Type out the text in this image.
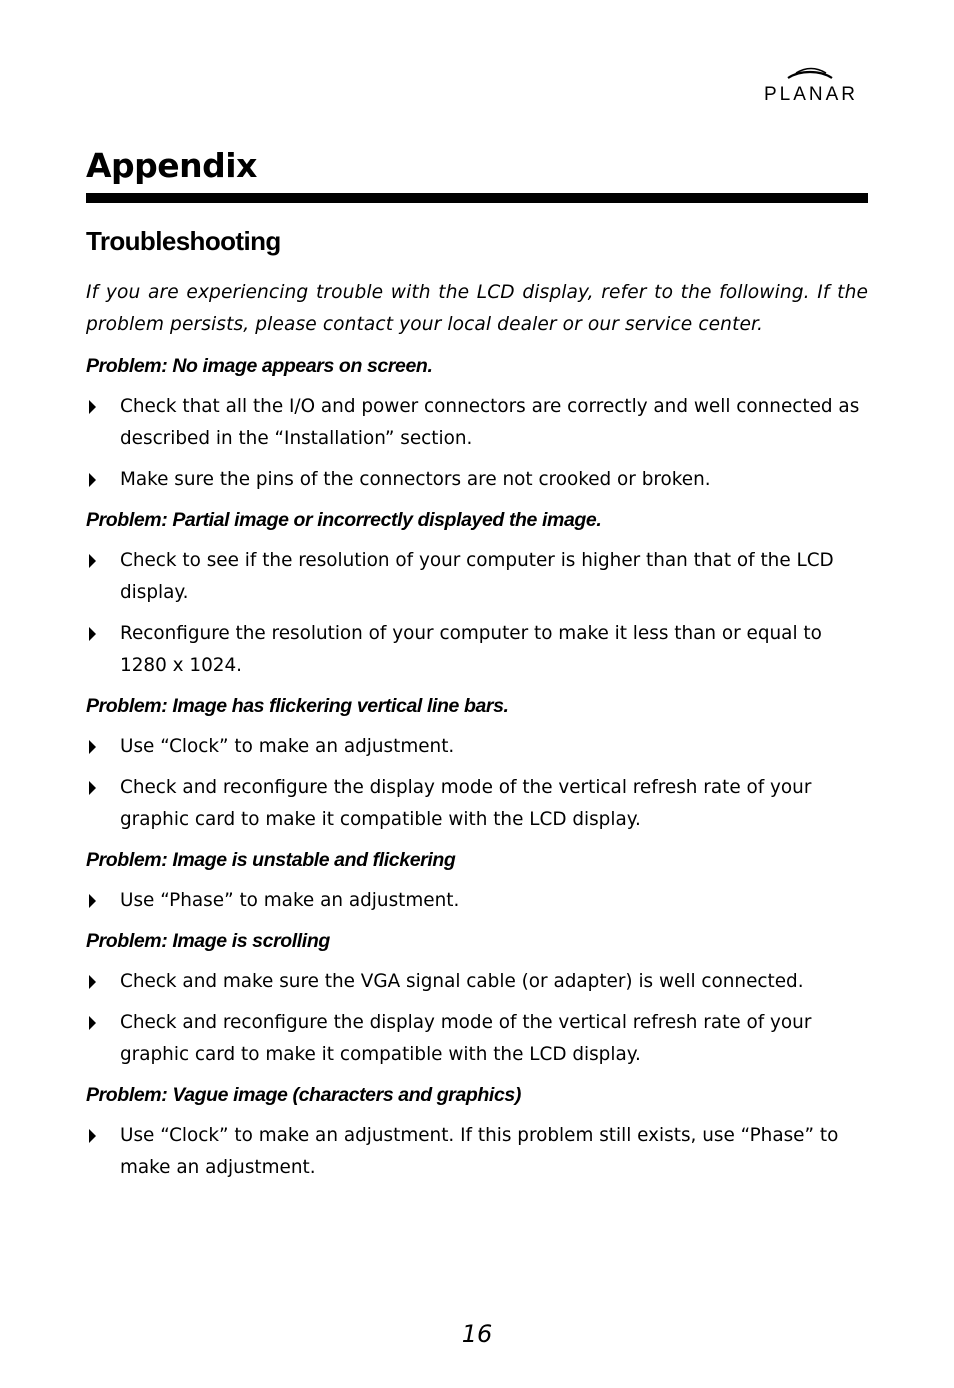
PLANAR
Appendix
Troubleshooting

If you are experiencing trouble with the LCD display, refer to the following. If the problem persists, please contact your local dealer or our service center.

Problem: No image appears on screen.

Check that all the I/O and power connectors are correctly and well connected as described in the “Installation” section.
Make sure the pins of the connectors are not crooked or broken.

Problem: Partial image or incorrectly displayed the image.

Check to see if the resolution of your computer is higher than that of the LCD display.
Reconfigure the resolution of your computer to make it less than or equal to 1280 x 1024.

Problem: Image has flickering vertical line bars.

Use “Clock” to make an adjustment.
Check and reconfigure the display mode of the vertical refresh rate of your graphic card to make it compatible with the LCD display.

Problem: Image is unstable and flickering

Use “Phase” to make an adjustment.

Problem: Image is scrolling

Check and make sure the VGA signal cable (or adapter) is well connected.
Check and reconfigure the display mode of the vertical refresh rate of your graphic card to make it compatible with the LCD display.

Problem: Vague image (characters and graphics)

Use “Clock” to make an adjustment. If this problem still exists, use “Phase” to make an adjustment.
16
